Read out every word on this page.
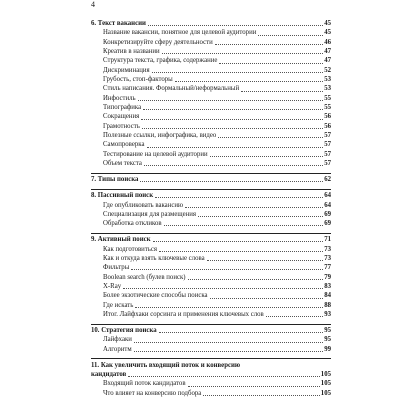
4
6. Текст вакансии	45
Название вакансии, понятное для целевой аудитории	45
Конкретизируйте сферу деятельности	46
Креатив в названии	47
Структура текста, графика, содержание	47
Дискриминация	52
Грубость, стоп-факторы	53
Стиль написания. Формальный/неформальный	53
Инфостиль	55
Типографика	55
Сокращения	56
Грамотность	56
Полезные ссылки, инфографика, видео	57
Самопроверка	57
Тестирование на целевой аудитории	57
Объем текста	57
7. Типы поиска	62
8. Пассивный поиск	64
Где опубликовать вакансию	64
Специализация для размещения	69
Обработка откликов	69
9. Активный поиск	71
Как подготовиться	73
Как и откуда взять ключевые слова	73
Фильтры	77
Boolean search (булев поиск)	79
X-Ray	83
Более экзотические способы поиска	84
Где искать	88
Итог. Лайфхаки сорсинга и применения ключевых слов	93
10. Стратегия поиска	95
Лайфхаки	95
Алгоритм	99
11. Как увеличить входящий поток и конверсию
кандидатов	105
Входящий поток кандидатов	105
Что влияет на конверсию подбора	105
